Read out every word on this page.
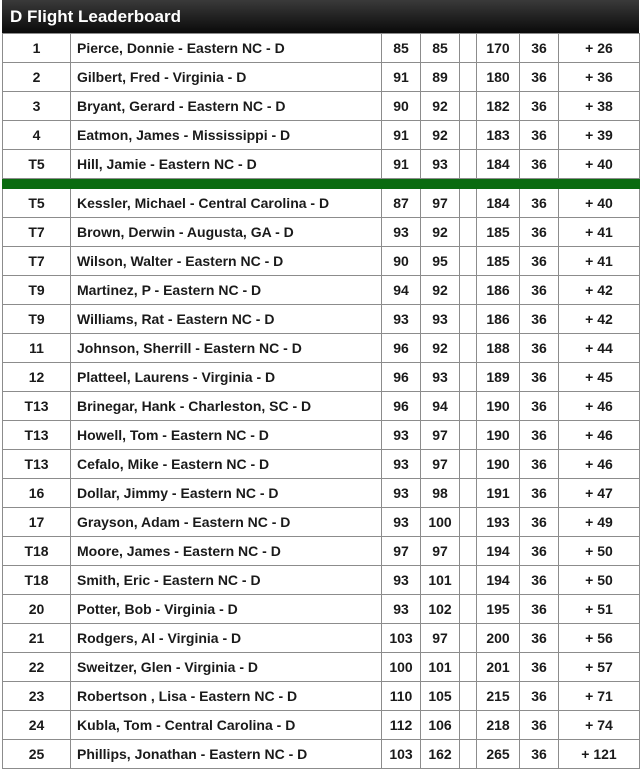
D Flight Leaderboard
1	Pierce, Donnie - Eastern NC - D	85	85		170	36	+ 26
2	Gilbert, Fred - Virginia - D	91	89		180	36	+ 36
3	Bryant, Gerard - Eastern NC - D	90	92		182	36	+ 38
4	Eatmon, James - Mississippi - D	91	92		183	36	+ 39
T5	Hill, Jamie - Eastern NC - D	91	93		184	36	+ 40

T5	Kessler, Michael - Central Carolina - D	87	97		184	36	+ 40
T7	Brown, Derwin - Augusta, GA - D	93	92		185	36	+ 41
T7	Wilson, Walter - Eastern NC - D	90	95		185	36	+ 41
T9	Martinez, P - Eastern NC - D	94	92		186	36	+ 42
T9	Williams, Rat - Eastern NC - D	93	93		186	36	+ 42
11	Johnson, Sherrill - Eastern NC - D	96	92		188	36	+ 44
12	Platteel, Laurens - Virginia - D	96	93		189	36	+ 45
T13	Brinegar, Hank - Charleston, SC - D	96	94		190	36	+ 46
T13	Howell, Tom - Eastern NC - D	93	97		190	36	+ 46
T13	Cefalo, Mike - Eastern NC - D	93	97		190	36	+ 46
16	Dollar, Jimmy - Eastern NC - D	93	98		191	36	+ 47
17	Grayson, Adam - Eastern NC - D	93	100		193	36	+ 49
T18	Moore, James - Eastern NC - D	97	97		194	36	+ 50
T18	Smith, Eric - Eastern NC - D	93	101		194	36	+ 50
20	Potter, Bob - Virginia - D	93	102		195	36	+ 51
21	Rodgers, Al - Virginia - D	103	97		200	36	+ 56
22	Sweitzer, Glen - Virginia - D	100	101		201	36	+ 57
23	Robertson , Lisa - Eastern NC - D	110	105		215	36	+ 71
24	Kubla, Tom - Central Carolina - D	112	106		218	36	+ 74
25	Phillips, Jonathan - Eastern NC - D	103	162		265	36	+ 121
